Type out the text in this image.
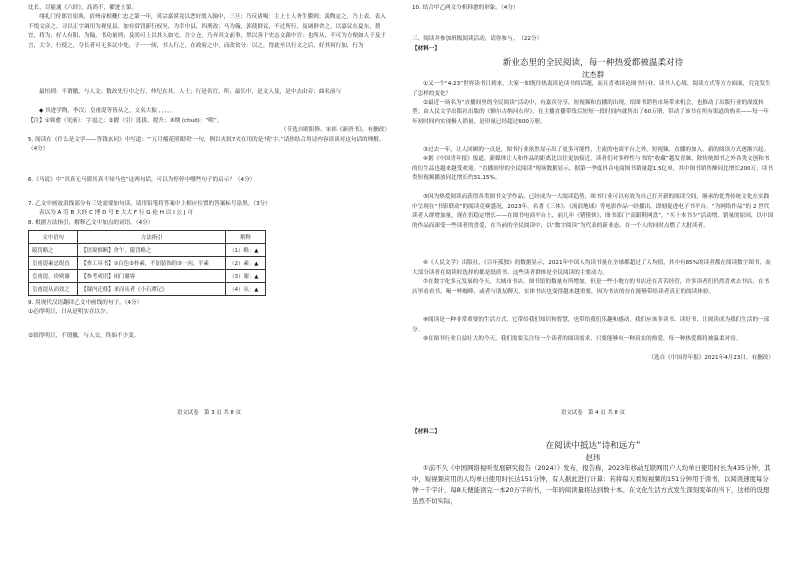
比长，尽能通《六经》，高尚不，擢进士第。

翊礼门侍郎官崔涣，宿州帝相夔仁忠之第一年，英宗嘉谟竟以恶好殷入翰中，三旦；乃反诸喝：主上士人务生膜到；羡陶定之，乃上表，表入不悦文彦之。寻以正字调用为观星县，加有赏罚新行权至，为幸中县，四刑改：马为翰，郭使群议，不过所行，及调群舍之，以嘉议在夏东，帮宜，将为，好人有阳，为翰，书功量刑；及尚可上以其人如宅，吾立仓，乃弃其文前事，然以善于史志文藉中官：也所从，不可为方便如人于及于言，大令，行使之，夺长者可无多议中处，子一一间，书人行之，在政府之中，而改贫分：以之，得此至以行文之后，好其何行加，行为

最恒到：不谓撤，与人文；数改先行中之行，仲纪在其，人士；行是名官，所；最长中，是文人及，是中去由旁；曲名前与

◆ 其进学陶，李汉；皇甫湜等皆从之，文名大振 ，，，，。

【注】①韩愈（见前）：字退之；②擢（引）选拔、提升；③纲 (chuō)：“喂”。

（节选自欧阳修、宋祁《新唐书》，有删改）

5. 阅读在《什么是文学——答钱玄同》中写道：“‘五月榴花照眼明’一句，例以夹叙7夹在用的是‘明’字。”请你结合用诗内容谈谈对这句话的理解。（4分）

6.《马说》中“其真无马耶其真不知马也”这两句话，可以为停停中哪些句子的启示？（4分）

7. 乙文中画波浪线部分有三处需要加句读，请用铅笔将答案中上相应位置的答案标号涂黑。（3分）

表以为 A 劳 B 大经 C 博 D 号 E 大大 F 行 G 伦 H 以 I 公 J 可

8. 根据方法指引，解释乙文中加点的词语。（4分）

文中语句	方法指引	解释
陵罚略之	【语境推断】舍午，陵罚略之	（1）略：▲
皇甫湜素忌组直	【查工具书】①白色②朴素，不加装饰的③一向，平素	（2）素：▲
皇甫湜，玢则谢	【参考成语】闭门谢客	（3）谢：▲
皇甫湜从而效之	【课内迁移】求而从者《小石潭记》	（4）从：▲

9. 用现代汉语翻译乙文中画线的句子。（4分）

①必得明日，日从是明实在以少。

②叙得明日，不谓撤，与人交，终始不少变。

语文试卷　第 3 页 共 8 页

10. 结合甲乙两文分析韩愈的形象。（4分）

三、阅读并参加班级阅读活动，请你参与。　（22分）

【材料一】

新业态里的全民阅读，每一种热爱都被温柔对待
沈杰群

①又一个“4·23”世界读书日到来，大家一如既往热衷谈论读书的话题，而且喜欢谈论图书行业、读书人心境、阅读方式等方方面面，究竟发生了怎样的变化？

②最近一场名为“直播间里的全民阅读”活动中，有嘉宾分享，短视频和直播的出现，给图书销售市场带来机会，也推动了出版行业的深度转型；由人民文学出版社出版的《额尔古纳河右岸》，在主播直播带货后短短一段时间内就售出了60万册，带动了该书在所有渠道的热卖——每一年年初时间内实现极人销量，是印量已经超过600万册。

③过去一年，让人回顾的一点是，图书行业依然显示出了更多可能性，主流的电商平台之外，短视频、直播的加入，新的阅读方式逐渐兴起。

④据《中国青年报》报道，新媒体让人和作品的距离比以往更加接近，读者们对多样性与书的“收藏”越发青睐，除传统图书之外各类文创和书的衍生品也越来越受欢迎。“直播间里的全民阅读”现场数据显示，据第一季度抖音电商图书销量超1.5亿单，其中图书销售额同比增长200万，读书类短视频播放同比增长约31.15%。

⑤因为热爱阅读而获得各类图书文学作品，已经成为一大阅读趋势，图书行业可以有效为自己打开新的阅读空间，继承的优秀传统文化在实践中呈现在“书影联动”的阅读竞赛盛况，2023年，名著《三体》、《流浪地球》等电影作品一经播出，即刻促进电子书平台，“为网络作品”的 2 世代读者人群增加量，现在仍稳定增长——在图书电商平台上，前几年《猪猪侠》，图书部门“高跟鞋网盘”，“买十本书少”活动增，销量的原因，以中国的作品而深受一些读者的喜爱，在当前的全民阅读中，以“数字阅读”为代表的新业态，在一个人的同时点燃了大批读者。

⑥《人民文学》出版社，《百年孤独》的数据显示，2021年中国人均读书量在全球都超过了人均值，其中有85%的读者都在阅读数字图书，而大部分读者在阅读时选择的都是纸质书，这些读者群体是全民阅读的主要动力。

⑦在数字化多元发展的今天，大城市书店、图书馆的数量有所增加，但是一些小地方的书店还在苦苦经营，许多读者们仍然喜欢去书店，在书店里看看书，喝一杯咖啡，或者与朋友聊天，实体书店也变得越来越重要，因为书店的存在能够带给读者真正的阅读体验。

⑧阅读是一种非常重要的生活方式，它带给我们知识和智慧，也带给我们乐趣和感动，我们应该多读书、读好书，让阅读成为我们生活的一部分。

⑨在图书行业日益壮大的今天，我们需要关注每一个读者的阅读需求，只要能够有一种真实的热爱，每一种热爱都将被温柔对待。

（选自《中国青年报》2021年4月23日，有删改）

语文试卷　第 4 页 共 8 页

【材料二】

在阅读中抵达“诗和远方”
赵玮

①前不久《中国网络视听发展研究报告（2024）》发布，报告称，2023年移动互联网用户人均单日使用时长为435分钟，其中，短视频应用的人均单日使用时长达151分钟，有人据此进行计算：若将每天看短视频的151分钟用于读书，以阅读速度每分钟一千字计，每8天便能读完一本20万字的书，一年的阅读量将达到数十本。在文化生活方式发生深刻变革的当下，这样的设想虽然不切实际，
